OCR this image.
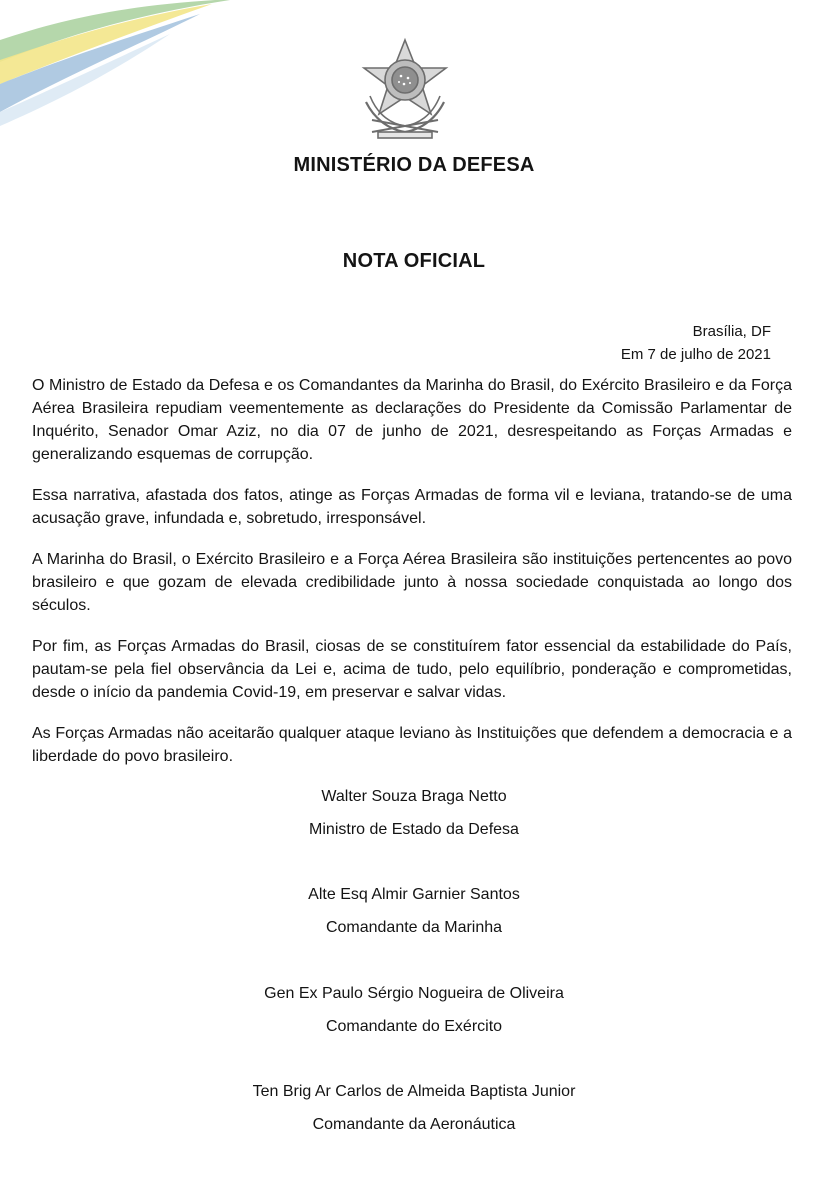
MINISTÉRIO DA DEFESA
NOTA OFICIAL
Brasília, DF
Em 7 de julho de 2021

O Ministro de Estado da Defesa e os Comandantes da Marinha do Brasil, do Exército Brasileiro e da Força Aérea Brasileira repudiam veementemente as declarações do Presidente da Comissão Parlamentar de Inquérito, Senador Omar Aziz, no dia 07 de junho de 2021, desrespeitando as Forças Armadas e generalizando esquemas de corrupção.

Essa narrativa, afastada dos fatos, atinge as Forças Armadas de forma vil e leviana, tratando-se de uma acusação grave, infundada e, sobretudo, irresponsável.

A Marinha do Brasil, o Exército Brasileiro e a Força Aérea Brasileira são instituições pertencentes ao povo brasileiro e que gozam de elevada credibilidade junto à nossa sociedade conquistada ao longo dos séculos.

Por fim, as Forças Armadas do Brasil, ciosas de se constituírem fator essencial da estabilidade do País, pautam-se pela fiel observância da Lei e, acima de tudo, pelo equilíbrio, ponderação e comprometidas, desde o início da pandemia Covid-19, em preservar e salvar vidas.

As Forças Armadas não aceitarão qualquer ataque leviano às Instituições que defendem a democracia e a liberdade do povo brasileiro.

Walter Souza Braga Netto
Ministro de Estado da Defesa
Alte Esq Almir Garnier Santos
Comandante da Marinha
Gen Ex Paulo Sérgio Nogueira de Oliveira
Comandante do Exército
Ten Brig Ar Carlos de Almeida Baptista Junior
Comandante da Aeronáutica
